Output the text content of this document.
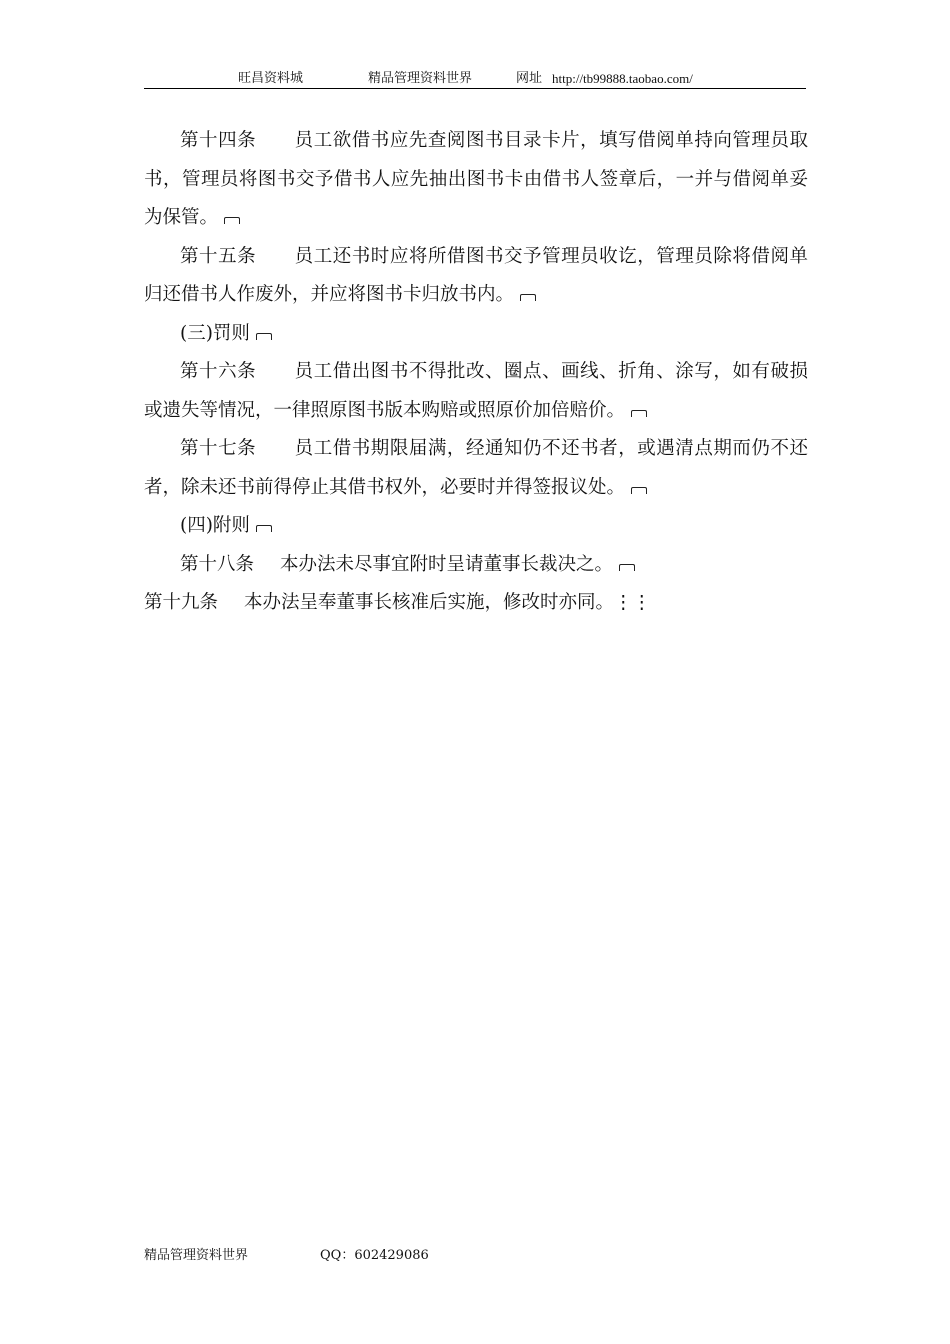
旺昌资料城	精品管理资料世界	网址 http://tb99888.taobao.com/

第十四条 员工欲借书应先查阅图书目录卡片，填写借阅单持向管理员取书，管理员将图书交予借书人应先抽出图书卡由借书人签章后，一并与借阅单妥为保管。

第十五条 员工还书时应将所借图书交予管理员收讫，管理员除将借阅单归还借书人作废外，并应将图书卡归放书内。

(三)罚则

第十六条 员工借出图书不得批改、圈点、画线、折角、涂写，如有破损或遗失等情况，一律照原图书版本购赔或照原价加倍赔价。

第十七条 员工借书期限届满，经通知仍不还书者，或遇清点期而仍不还者，除未还书前得停止其借书权外，必要时并得签报议处。

(四)附则

第十八条 本办法未尽事宜附时呈请董事长裁决之。

第十九条 本办法呈奉董事长核准后实施，修改时亦同。⋮⋮

精品管理资料世界	QQ：602429086
